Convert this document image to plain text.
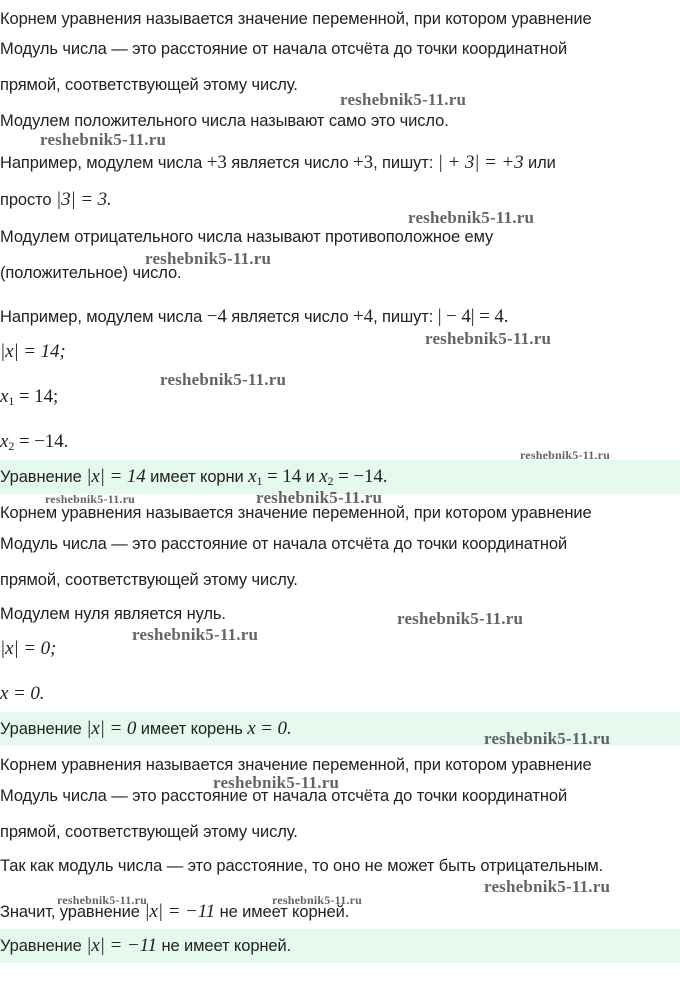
Корнем уравнения называется значение переменной, при котором уравнение
Модуль числа — это расстояние от начала отсчёта до точки координатной
прямой, соответствующей этому числу.
Модулем положительного числа называют само это число.
Например, модулем числа +3 является число +3, пишут: | + 3| = +3 или
просто |3| = 3.
Модулем отрицательного числа называют противоположное ему
(положительное) число.
Например, модулем числа −4 является число +4, пишут: | − 4| = 4.
|x| = 14;
$x_1 = 14$;
$x_2 = -14$.
Уравнение |x| = 14 имеет корни $x_1 = 14$ и $x_2 = -14$.
Корнем уравнения называется значение переменной, при котором уравнение
Модуль числа — это расстояние от начала отсчёта до точки координатной
прямой, соответствующей этому числу.
Модулем нуля является нуль.
|x| = 0;
x = 0.
Уравнение |x| = 0 имеет корень x = 0.
Корнем уравнения называется значение переменной, при котором уравнение
Модуль числа — это расстояние от начала отсчёта до точки координатной
прямой, соответствующей этому числу.
Так как модуль числа — это расстояние, то оно не может быть отрицательным.
Значит, уравнение |x| = −11 не имеет корней.
Уравнение |x| = −11 не имеет корней.
reshebnik5-11.ru
reshebnik5-11.ru
reshebnik5-11.ru
reshebnik5-11.ru
reshebnik5-11.ru
reshebnik5-11.ru
reshebnik5-11.ru
reshebnik5-11.ru	reshebnik5-11.ru
reshebnik5-11.ru
reshebnik5-11.ru
reshebnik5-11.ru
reshebnik5-11.ru
reshebnik5-11.ru
reshebnik5-11.ru	reshebnik5-11.ru
